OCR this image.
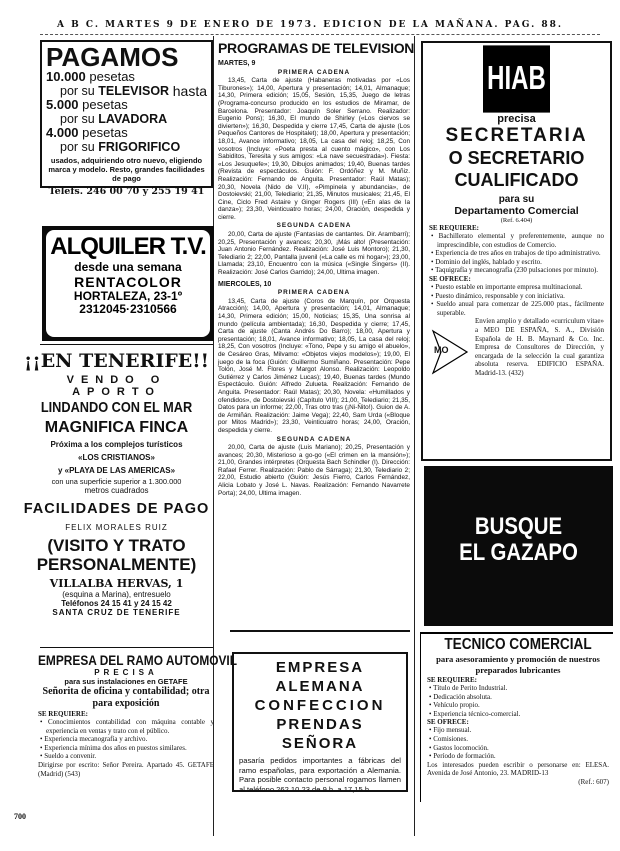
A B C. MARTES 9 DE ENERO DE 1973. EDICION DE LA MAÑANA. PAG. 88.
PAGAMOS
hasta
10.000 pesetas
por su TELEVISOR
5.000 pesetas
por su LAVADORA
4.000 pesetas
por su FRIGORIFICO
usados, adquiriendo otro nuevo, eligiendo marca y modelo. Resto, grandes facilidades de pago
Teléfs. 246 00 70 y 255 19 41
ALQUILER T.V.
desde una semana
RENTACOLOR
HORTALEZA, 23-1º
2312045·2310566
¡¡EN TENERIFE!!
VENDO O APORTO
LINDANDO CON EL MAR
MAGNIFICA FINCA
Próxima a los complejos turísticos
«LOS CRISTIANOS»
y «PLAYA DE LAS AMERICAS»
con una superficie superior a 1.300.000
metros cuadrados
FACILIDADES DE PAGO
FELIX MORALES RUIZ
(VISITO Y TRATO PERSONALMENTE)
VILLALBA HERVAS, 1
(esquina a Marina), entresuelo
Teléfonos 24 15 41 y 24 15 42
SANTA CRUZ DE TENERIFE
EMPRESA DEL RAMO AUTOMOVIL
PRECISA
para sus instalaciones en GETAFE
Señorita de oficina y contabilidad; otra para exposición
SE REQUIERE:
• Conocimientos contabilidad con máquina contable y experiencia en ventas y trato con el público.
• Experiencia mecanografía y archivo.
• Experiencia mínima dos años en puestos similares.
• Sueldo a convenir.
Dirigirse por escrito: Señor Pereira. Apartado 45. GETAFE (Madrid) (543)
700
PROGRAMAS DE TELEVISION
MARTES, 9
PRIMERA CADENA
13,45, Carta de ajuste (Habaneras motivadas por «Los Tiburones»); 14,00, Apertura y presentación; 14,01, Almanaque; 14,30, Primera edición; 15,05, Sesión, 15,35, Juego de letras (Programa-concurso producido en los estudios de Miramar, de Barcelona. Presentador: Joaquín Soler Serrano. Realizador: Eugenio Pons); 16,30, El mundo de Shirley («Los ciervos se divierten»); 16,30, Despedida y cierre 17,45, Carta de ajuste (Los Pequeños Cantores de Hospitalet); 18,00, Apertura y presentación; 18,01, Avance informativo; 18,05, La casa del reloj; 18,25, Con vosotros (Incluye: «Poeta presta al cuento mágico», con Los Sabiditos, Teresita y sus amigos: «La nave secuestrada»). Fiesta: «Los Jesuquefe»; 19,30, Dibujos animados; 19,40, Buenas tardes (Revista de espectáculos. Guión: F. Ordóñez y M. Muñiz. Realización: Fernando de Anguita. Presentador: Raúl Matas); 20,30, Novela (Nido de V.II), «Pimpinela y abundancia», de Dostoievski; 21,00, Telediario; 21,35, Minutos musicales; 21,45, El Cine, Ciclo Fred Astaire y Ginger Rogers (III) («En alas de la danza»); 23,30, Veinticuatro horas; 24,00, Oración, despedida y cierre.
SEGUNDA CADENA
20,00, Carta de ajuste (Fantasías de cantantes. Dir. Arambarri); 20,25, Presentación y avances; 20,30, ¡Más alto! (Presentación: Juan Antonio Fernández. Realización: José Luis Montoro); 21,30, Telediario 2; 22,00, Pantalla juvenil («La calle es mi hogar»); 23,00, Llamada; 23,10, Encuentro con la música («Single Singers» (II). Realización: José Carlos Garrido); 24,00, Ultima imagen.
MIERCOLES, 10
PRIMERA CADENA
13,45, Carta de ajuste (Coros de Marquín, por Orquesta Atracción); 14,00, Apertura y presentación; 14,01, Almanaque; 14,30, Primera edición; 15,00, Noticias; 15,35, Una sonrisa al mundo (película ambientada); 16,30, Despedida y cierre; 17,45, Carta de ajuste (Canta Andrés Do Barro); 18,00, Apertura y presentación; 18,01, Avance informativo; 18,05, La casa del reloj; 18,25, Con vosotros (Incluye: «Tono, Pepe y su amigo el abuelo», de Cesáreo Gras, Milvamo: «Objetos viejos modelos»); 19,00, El juego de la foca (Guión: Guillermo Sumiñano. Presentación: Pepe Tolón, José M. Flores y Margot Alonso. Realización: Leopoldo Gutiérrez y Carlos Jiménez Lucas); 19,40, Buenas tardes (Mundo Espectáculo. Guión: Alfredo Zulueta. Realización: Fernando de Anguita. Presentador: Raúl Matas); 20,30, Novela: «Humillados y ofendidos», de Dostoievski (Capítulo VIII); 21,00, Telediario; 21,35, Datos para un informe; 22,00, Tras otro tras (¡Ni-Ñito!). Guion de A. de Armiñán. Realización: Jaime Vega); 22,40, Sam Urda («Bloque por Mitos Madrid»); 23,30, Veinticuatro horas; 24,00, Oración, despedida y cierre.
SEGUNDA CADENA
20,00, Carta de ajuste (Luis Mariano); 20,25, Presentación y avances; 20,30, Misterioso a go-go («El crimen en la mansión»); 21,00, Grandes intérpretes (Orquesta Bach Schindler (I). Dirección: Rafael Ferrer. Realización: Pablo de Sárraga); 21,30, Telediario 2; 22,00, Estudio abierto (Guión: Jesús Fierro, Carlos Fernández, Alicia Lobato y José L. Navas. Realización: Fernando Navarrete Porta); 24,00, Ultima imagen.
EMPRESA ALEMANA
CONFECCION
PRENDAS SEÑORA
pasaría pedidos importantes a fábricas del ramo españolas, para exportación a Alemania. Para posible contacto personal rogamos llamen al teléfono 262 10 23 de 9 h. a 17,15 h.
HIAB
precisa
SECRETARIA
O SECRETARIO
CUALIFICADO
para su
Departamento Comercial
(Ref. 6.404)
SE REQUIERE:
• Bachillerato elemental y preferentemente, aunque no imprescindible, con estudios de Comercio.
• Experiencia de tres años en trabajos de tipo administrativo.
• Dominio del inglés, hablado y escrito.
• Taquigrafía y mecanografía (230 pulsaciones por minuto).
SE OFRECE:
• Puesto estable en importante empresa multinacional.
• Puesto dinámico, responsable y con iniciativa.
• Sueldo anual para comenzar de 225.000 ptas., fácilmente superable.
MO
Envíen amplio y detallado «curriculum vitae» a MEO DE ESPAÑA, S. A., División Española de H. B. Maynard & Co. Inc. Empresa de Consultores de Dirección, y encargada de la selección la cual garantiza absoluta reserva. EDIFICIO ESPAÑA. Madrid-13. (432)
BUSQUE
EL GAZAPO
TECNICO COMERCIAL
para asesoramiento y promoción de nuestros preparados lubricantes
SE REQUIERE:
• Título de Perito Industrial.
• Dedicación absoluta.
• Vehículo propio.
• Experiencia técnico-comercial.
SE OFRECE:
• Fijo mensual.
• Comisiones.
• Gastos locomoción.
• Período de formación.
Los interesados pueden escribir o personarse en: ELESA. Avenida de José Antonio, 23. MADRID-13
(Ref.: 607)
